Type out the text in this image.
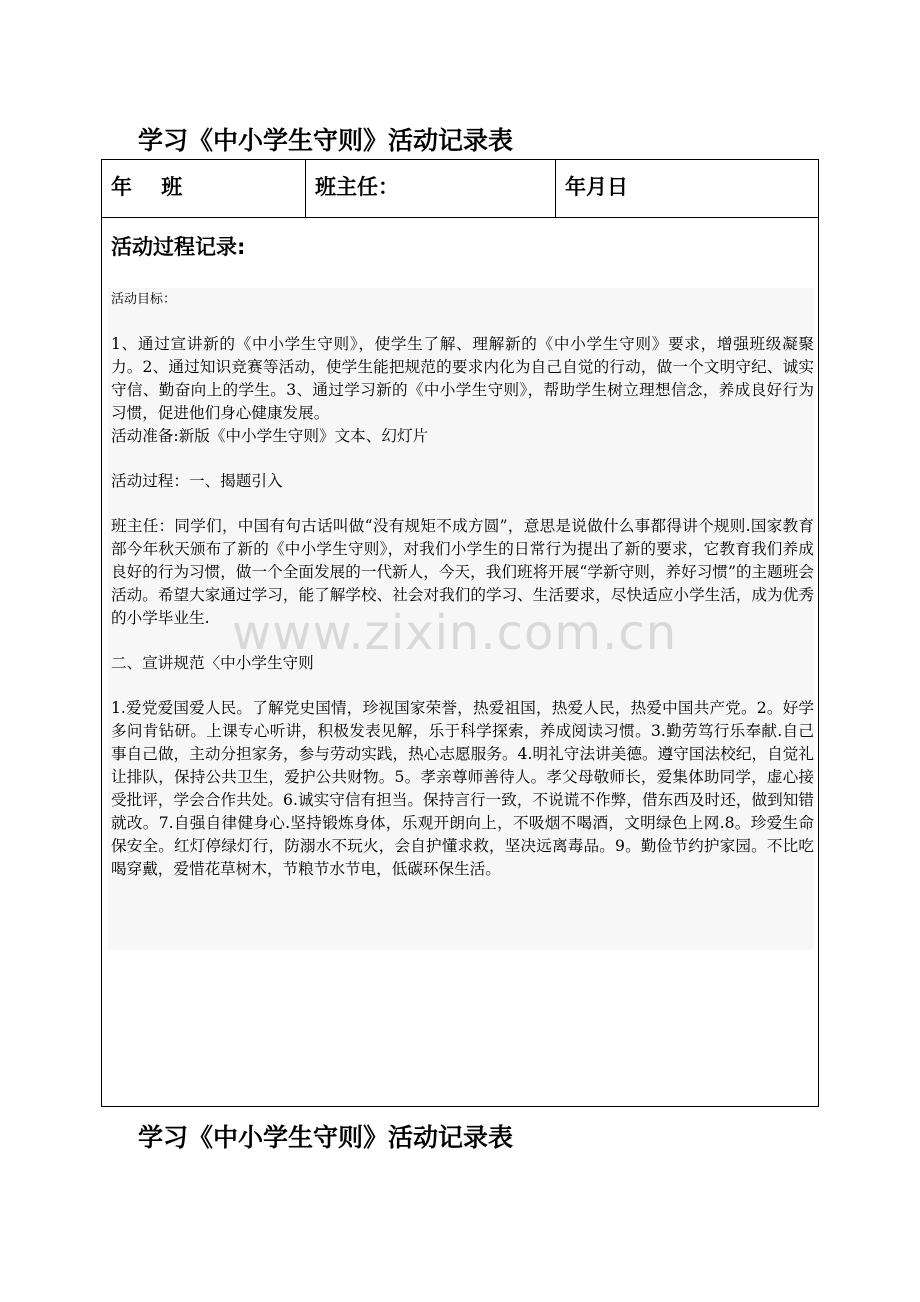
学习《中小学生守则》活动记录表
年    班	班主任：	年月日
活动过程记录:

活动目标：

1、通过宣讲新的《中小学生守则》，使学生了解、理解新的《中小学生守则》要求，增强班级凝聚力。2、通过知识竞赛等活动，使学生能把规范的要求内化为自己自觉的行动，做一个文明守纪、诚实守信、勤奋向上的学生。3、通过学习新的《中小学生守则》，帮助学生树立理想信念，养成良好行为习惯，促进他们身心健康发展。

活动准备:新版《中小学生守则》文本、幻灯片

活动过程：一、揭题引入

班主任：同学们，中国有句古话叫做“没有规矩不成方圆”，意思是说做什么事都得讲个规则.国家教育部今年秋天颁布了新的《中小学生守则》，对我们小学生的日常行为提出了新的要求，它教育我们养成良好的行为习惯，做一个全面发展的一代新人，今天，我们班将开展“学新守则，养好习惯”的主题班会活动。希望大家通过学习，能了解学校、社会对我们的学习、生活要求，尽快适应小学生活，成为优秀的小学毕业生.

二、宣讲规范〈中小学生守则

1.爱党爱国爱人民。了解党史国情，珍视国家荣誉，热爱祖国，热爱人民，热爱中国共产党。2。好学多问肯钻研。上课专心听讲，积极发表见解，乐于科学探索，养成阅读习惯。3.勤劳笃行乐奉献.自己事自己做，主动分担家务，参与劳动实践，热心志愿服务。4.明礼守法讲美德。遵守国法校纪，自觉礼让排队，保持公共卫生，爱护公共财物。5。孝亲尊师善待人。孝父母敬师长，爱集体助同学，虚心接受批评，学会合作共处。6.诚实守信有担当。保持言行一致，不说谎不作弊，借东西及时还，做到知错就改。7.自强自律健身心.坚持锻炼身体，乐观开朗向上，不吸烟不喝酒，文明绿色上网.8。珍爱生命保安全。红灯停绿灯行，防溺水不玩火，会自护懂求救，坚决远离毒品。9。勤俭节约护家园。不比吃喝穿戴，爱惜花草树木，节粮节水节电，低碳环保生活。

学习《中小学生守则》活动记录表
